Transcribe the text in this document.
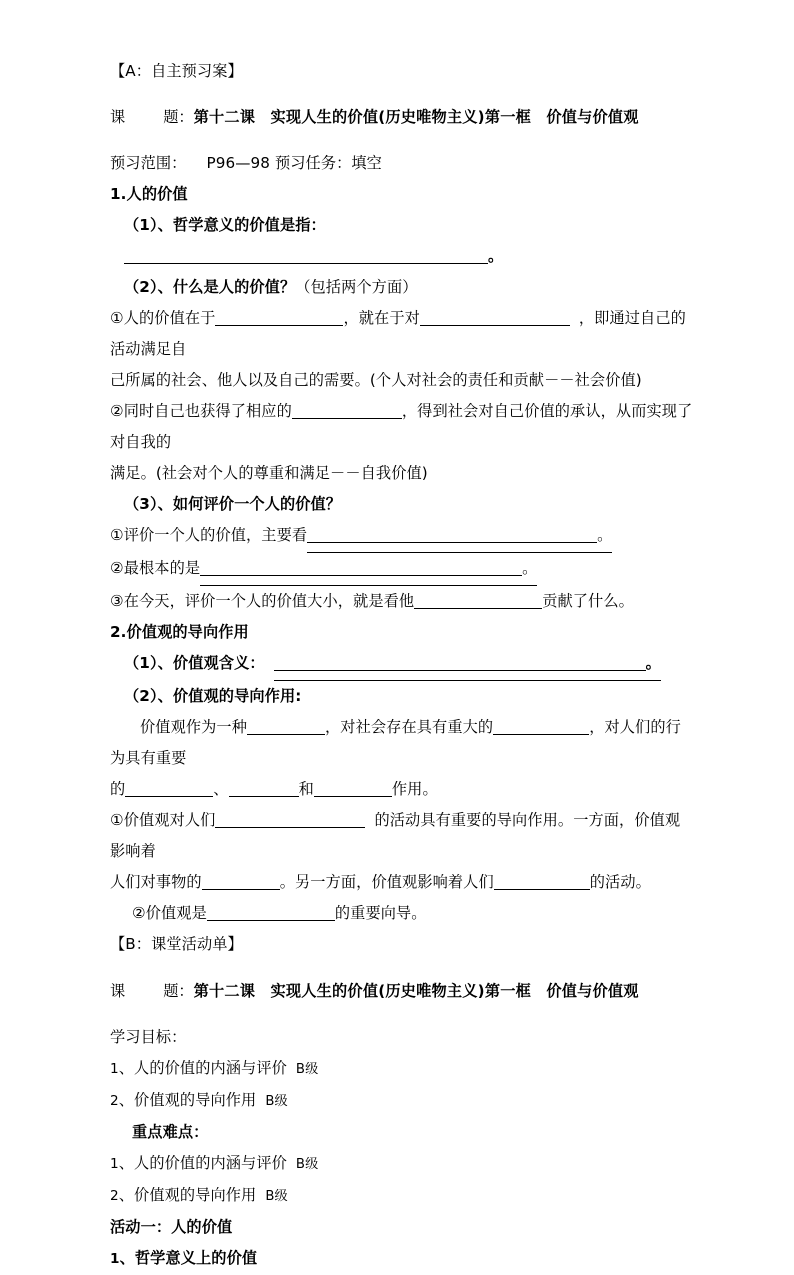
【A：自主预习案】

课	题：第十二课　实现人生的价值(历史唯物主义)第一框　价值与价值观

预习范围： P96—98 预习任务：填空

1.人的价值

（1）、哲学意义的价值是指：。

（2）、什么是人的价值？（包括两个方面）

①人的价值在于	，就在于对	，即通过自己的活动满足自

己所属的社会、他人以及自己的需要。(个人对社会的责任和贡献－－社会价值)

②同时自己也获得了相应的	，得到社会对自己价值的承认，从而实现了对自我的

满足。(社会对个人的尊重和满足－－自我价值)

（3）、如何评价一个人的价值？

①评价一个人的价值，主要看	。

②最根本的是	。

③在今天，评价一个人的价值大小，就是看他	贡献了什么。

2.价值观的导向作用

（1）、价值观含义：	。

（2）、价值观的导向作用:

价值观作为一种	，对社会存在具有重大的	，对人们的行为具有重要

的	、	和	作用。

①价值观对人们	的活动具有重要的导向作用。一方面，价值观影响着

人们对事物的	。另一方面，价值观影响着人们	的活动。

②价值观是	的重要向导。

【B：课堂活动单】

课	题：第十二课　实现人生的价值(历史唯物主义)第一框　价值与价值观

学习目标：

1、人的价值的内涵与评价 B级

2、价值观的导向作用 B级

重点难点：

1、人的价值的内涵与评价 B级

2、价值观的导向作用 B级

活动一：人的价值

1、哲学意义上的价值
